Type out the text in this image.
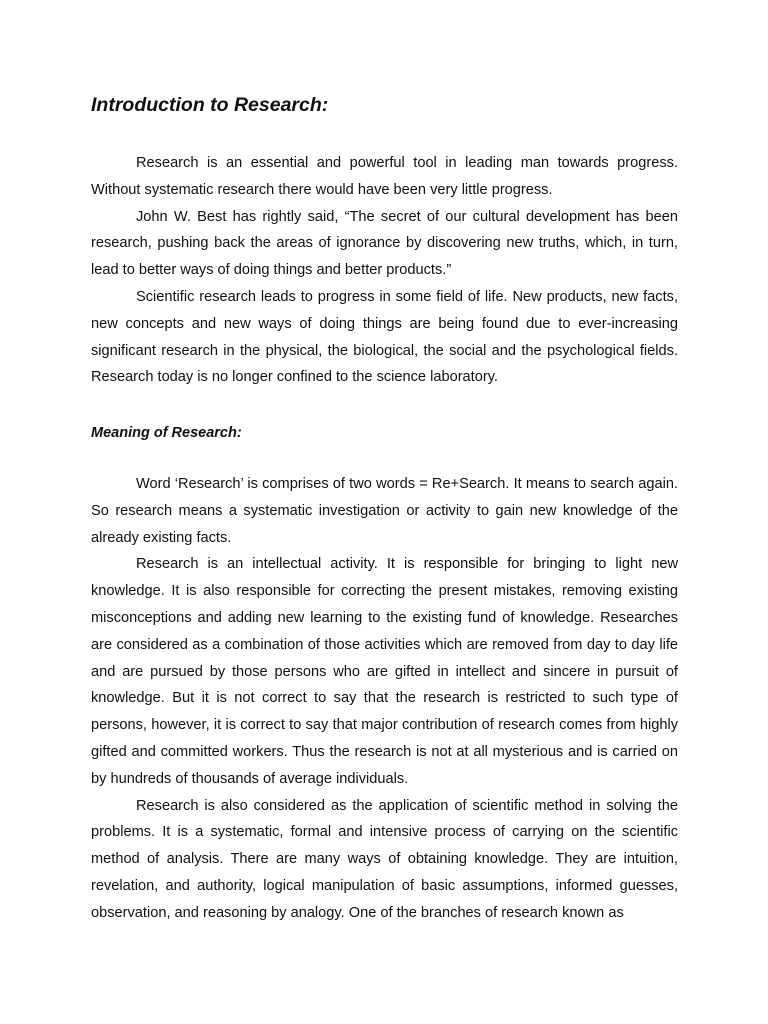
Introduction to Research:

Research is an essential and powerful tool in leading man towards progress. Without systematic research there would have been very little progress.

John W. Best has rightly said, “The secret of our cultural development has been research, pushing back the areas of ignorance by discovering new truths, which, in turn, lead to better ways of doing things and better products.”

Scientific research leads to progress in some field of life. New products, new facts, new concepts and new ways of doing things are being found due to ever-increasing significant research in the physical, the biological, the social and the psychological fields. Research today is no longer confined to the science laboratory.

Meaning of Research:

Word ‘Research’ is comprises of two words = Re+Search. It means to search again. So research means a systematic investigation or activity to gain new knowledge of the already existing facts.

Research is an intellectual activity. It is responsible for bringing to light new knowledge. It is also responsible for correcting the present mistakes, removing existing misconceptions and adding new learning to the existing fund of knowledge. Researches are considered as a combination of those activities which are removed from day to day life and are pursued by those persons who are gifted in intellect and sincere in pursuit of knowledge. But it is not correct to say that the research is restricted to such type of persons, however, it is correct to say that major contribution of research comes from highly gifted and committed workers. Thus the research is not at all mysterious and is carried on by hundreds of thousands of average individuals.

Research is also considered as the application of scientific method in solving the problems. It is a systematic, formal and intensive process of carrying on the scientific method of analysis. There are many ways of obtaining knowledge. They are intuition, revelation, and authority, logical manipulation of basic assumptions, informed guesses, observation, and reasoning by analogy. One of the branches of research known as
